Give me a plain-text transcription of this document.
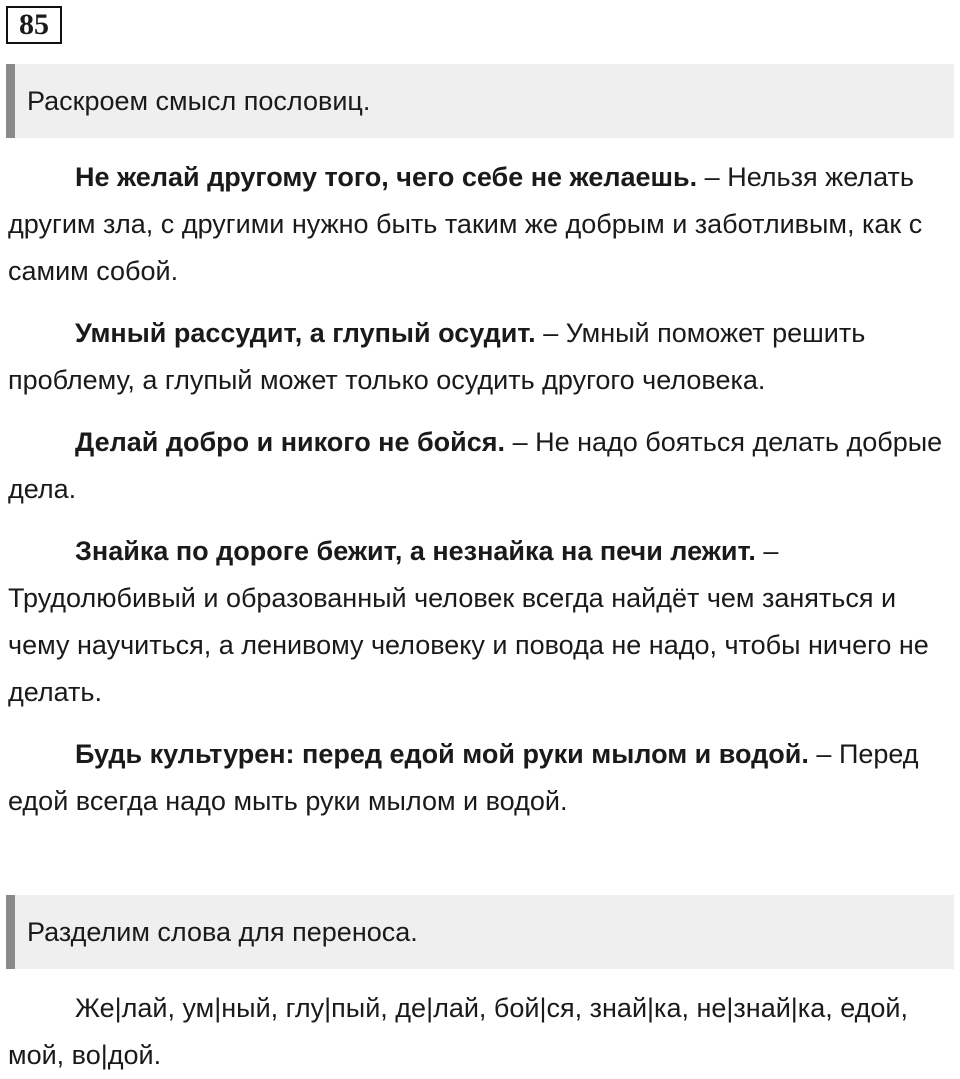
85
Раскроем смысл пословиц.

Не желай другому того, чего себе не желаешь. – Нельзя желать другим зла, с другими нужно быть таким же добрым и заботливым, как с самим собой.

Умный рассудит, а глупый осудит. – Умный поможет решить проблему, а глупый может только осудить другого человека.

Делай добро и никого не бойся. – Не надо бояться делать добрые дела.

Знайка по дороге бежит, а незнайка на печи лежит. – Трудолюбивый и образованный человек всегда найдёт чем заняться и чему научиться, а ленивому человеку и повода не надо, чтобы ничего не делать.

Будь культурен: перед едой мой руки мылом и водой. – Перед едой всегда надо мыть руки мылом и водой.

Разделим слова для переноса.

Же|лай, ум|ный, глу|пый, де|лай, бой|ся, знай|ка, не|знай|ка, едой, мой, во|дой.
